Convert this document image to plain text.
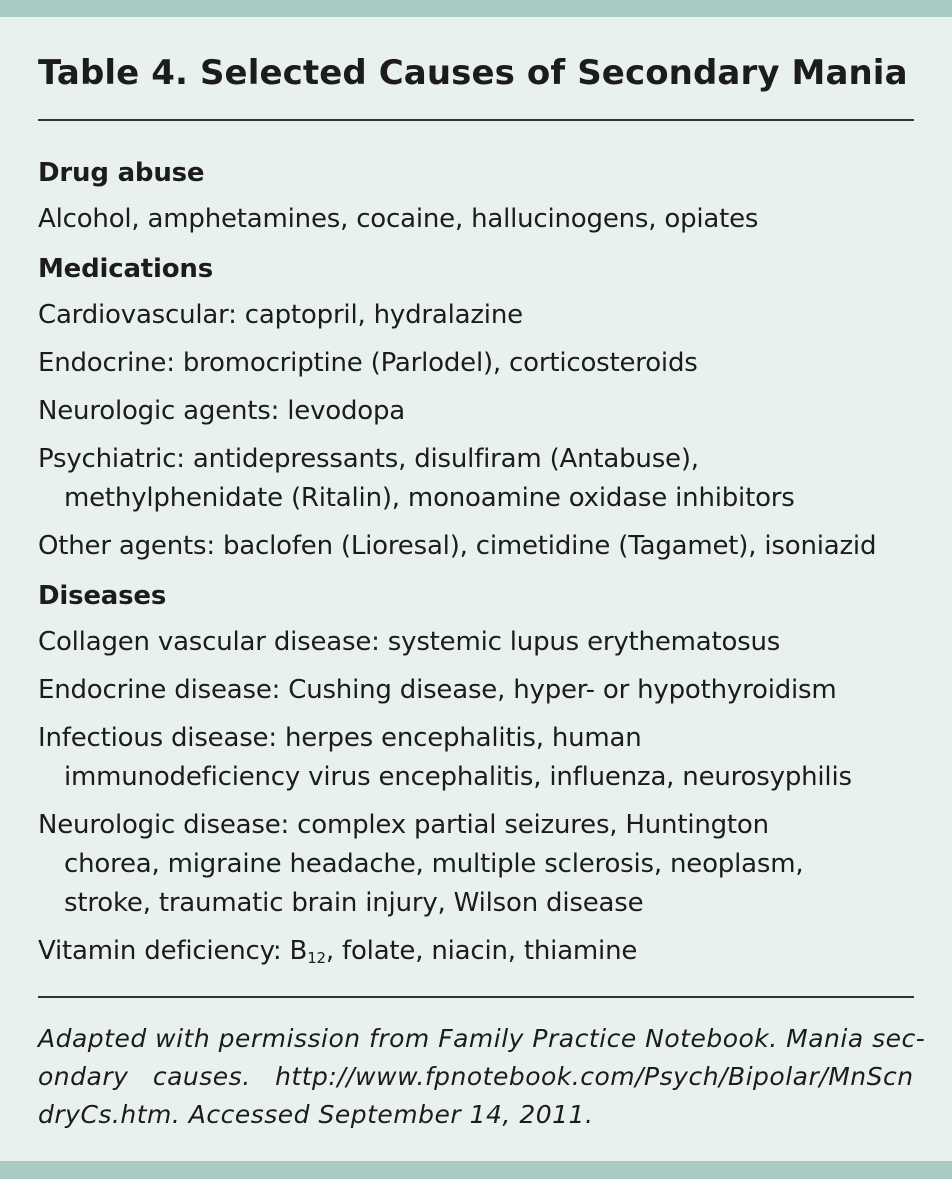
Table 4. Selected Causes of Secondary Mania
Drug abuse
Alcohol, amphetamines, cocaine, hallucinogens, opiates
Medications
Cardiovascular: captopril, hydralazine
Endocrine: bromocriptine (Parlodel), corticosteroids
Neurologic agents: levodopa
Psychiatric: antidepressants, disulfiram (Antabuse),
methylphenidate (Ritalin), monoamine oxidase inhibitors
Other agents: baclofen (Lioresal), cimetidine (Tagamet), isoniazid
Diseases
Collagen vascular disease: systemic lupus erythematosus
Endocrine disease: Cushing disease, hyper- or hypothyroidism
Infectious disease: herpes encephalitis, human
immunodeficiency virus encephalitis, influenza, neurosyphilis
Neurologic disease: complex partial seizures, Huntington
chorea, migraine headache, multiple sclerosis, neoplasm,
stroke, traumatic brain injury, Wilson disease
Vitamin deficiency: $B_{12}$, folate, niacin, thiamine
Adapted with permission from Family Practice Notebook. Mania sec-
ondary causes. http://www.fpnotebook.com/Psych/Bipolar/MnScn
dryCs.htm. Accessed September 14, 2011.
